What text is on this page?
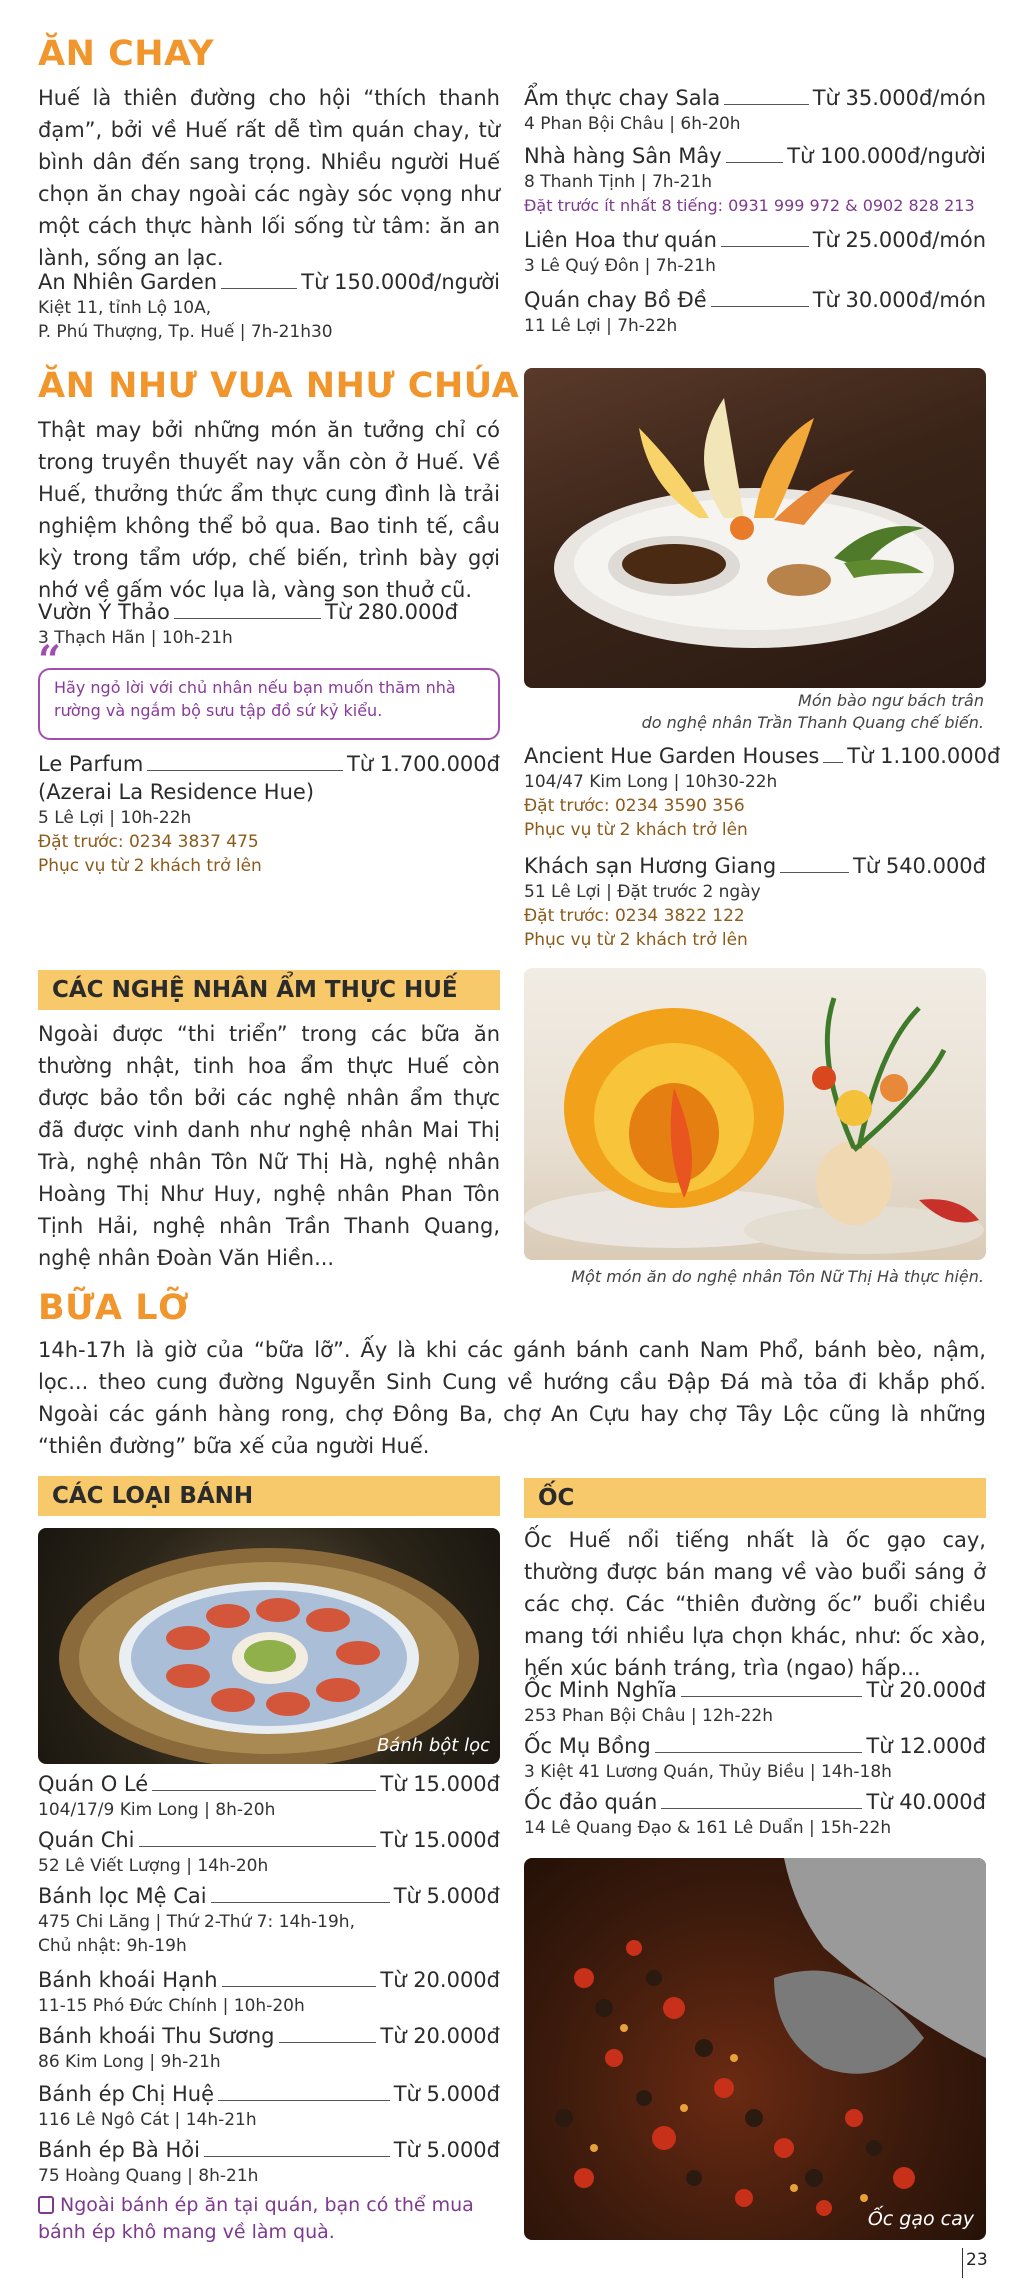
ĂN CHAY
Huế là thiên đường cho hội “thích thanh đạm”, bởi về Huế rất dễ tìm quán chay, từ bình dân đến sang trọng. Nhiều người Huế chọn ăn chay ngoài các ngày sóc vọng như một cách thực hành lối sống từ tâm: ăn an lành, sống an lạc.
An Nhiên Garden	Từ 150.000đ/người
Kiệt 11, tỉnh Lộ 10A,
P. Phú Thượng, Tp. Huế | 7h-21h30
Ẩm thực chay Sala	Từ 35.000đ/món
4 Phan Bội Châu | 6h-20h
Nhà hàng Sân Mây	Từ 100.000đ/người
8 Thanh Tịnh | 7h-21h
Đặt trước ít nhất 8 tiếng: 0931 999 972 & 0902 828 213
Liên Hoa thư quán	Từ 25.000đ/món
3 Lê Quý Đôn | 7h-21h
Quán chay Bồ Đề	Từ 30.000đ/món
11 Lê Lợi | 7h-22h
ĂN NHƯ VUA NHƯ CHÚA
Thật may bởi những món ăn tưởng chỉ có trong truyền thuyết nay vẫn còn ở Huế. Về Huế, thưởng thức ẩm thực cung đình là trải nghiệm không thể bỏ qua. Bao tinh tế, cầu kỳ trong tẩm ướp, chế biến, trình bày gợi nhớ về gấm vóc lụa là, vàng son thuở cũ.
Vườn Ý Thảo	Từ 280.000đ
3 Thạch Hãn | 10h-21h
“
Hãy ngỏ lời với chủ nhân nếu bạn muốn thăm nhà rường và ngắm bộ sưu tập đồ sứ kỷ kiểu.
Le Parfum	Từ 1.700.000đ
(Azerai La Residence Hue)
5 Lê Lợi | 10h-22h
Đặt trước: 0234 3837 475
Phục vụ từ 2 khách trở lên
Món bào ngư bách trân
do nghệ nhân Trần Thanh Quang chế biến.
Ancient Hue Garden Houses Từ 1.100.000đ
104/47 Kim Long | 10h30-22h
Đặt trước: 0234 3590 356
Phục vụ từ 2 khách trở lên
Khách sạn Hương Giang	Từ 540.000đ
51 Lê Lợi | Đặt trước 2 ngày
Đặt trước: 0234 3822 122
Phục vụ từ 2 khách trở lên
CÁC NGHỆ NHÂN ẨM THỰC HUẾ
Ngoài được “thi triển” trong các bữa ăn thường nhật, tinh hoa ẩm thực Huế còn được bảo tồn bởi các nghệ nhân ẩm thực đã được vinh danh như nghệ nhân Mai Thị Trà, nghệ nhân Tôn Nữ Thị Hà, nghệ nhân Hoàng Thị Như Huy, nghệ nhân Phan Tôn Tịnh Hải, nghệ nhân Trần Thanh Quang, nghệ nhân Đoàn Văn Hiền...
Một món ăn do nghệ nhân Tôn Nữ Thị Hà thực hiện.
BỮA LỠ
14h-17h là giờ của “bữa lỡ”. Ấy là khi các gánh bánh canh Nam Phổ, bánh bèo, nậm, lọc... theo cung đường Nguyễn Sinh Cung về hướng cầu Đập Đá mà tỏa đi khắp phố. Ngoài các gánh hàng rong, chợ Đông Ba, chợ An Cựu hay chợ Tây Lộc cũng là những “thiên đường” bữa xế của người Huế.
CÁC LOẠI BÁNH
Bánh bột lọc
Quán O Lé	Từ 15.000đ
104/17/9 Kim Long | 8h-20h
Quán Chi	Từ 15.000đ
52 Lê Viết Lượng | 14h-20h
Bánh lọc Mệ Cai	Từ 5.000đ
475 Chi Lăng | Thứ 2-Thứ 7: 14h-19h,
Chủ nhật: 9h-19h
Bánh khoái Hạnh	Từ 20.000đ
11-15 Phó Đức Chính | 10h-20h
Bánh khoái Thu Sương	Từ 20.000đ
86 Kim Long | 9h-21h
Bánh ép Chị Huệ	Từ 5.000đ
116 Lê Ngô Cát | 14h-21h
Bánh ép Bà Hỏi	Từ 5.000đ
75 Hoàng Quang | 8h-21h
Ngoài bánh ép ăn tại quán, bạn có thể mua
bánh ép khô mang về làm quà.
ỐC
Ốc Huế nổi tiếng nhất là ốc gạo cay, thường được bán mang về vào buổi sáng ở các chợ. Các “thiên đường ốc” buổi chiều mang tới nhiều lựa chọn khác, như: ốc xào, hến xúc bánh tráng, trìa (ngao) hấp...
Ốc Minh Nghĩa	Từ 20.000đ
253 Phan Bội Châu | 12h-22h
Ốc Mụ Bồng	Từ 12.000đ
3 Kiệt 41 Lương Quán, Thủy Biều | 14h-18h
Ốc đảo quán	Từ 40.000đ
14 Lê Quang Đạo & 161 Lê Duẩn | 15h-22h
Ốc gạo cay
23
